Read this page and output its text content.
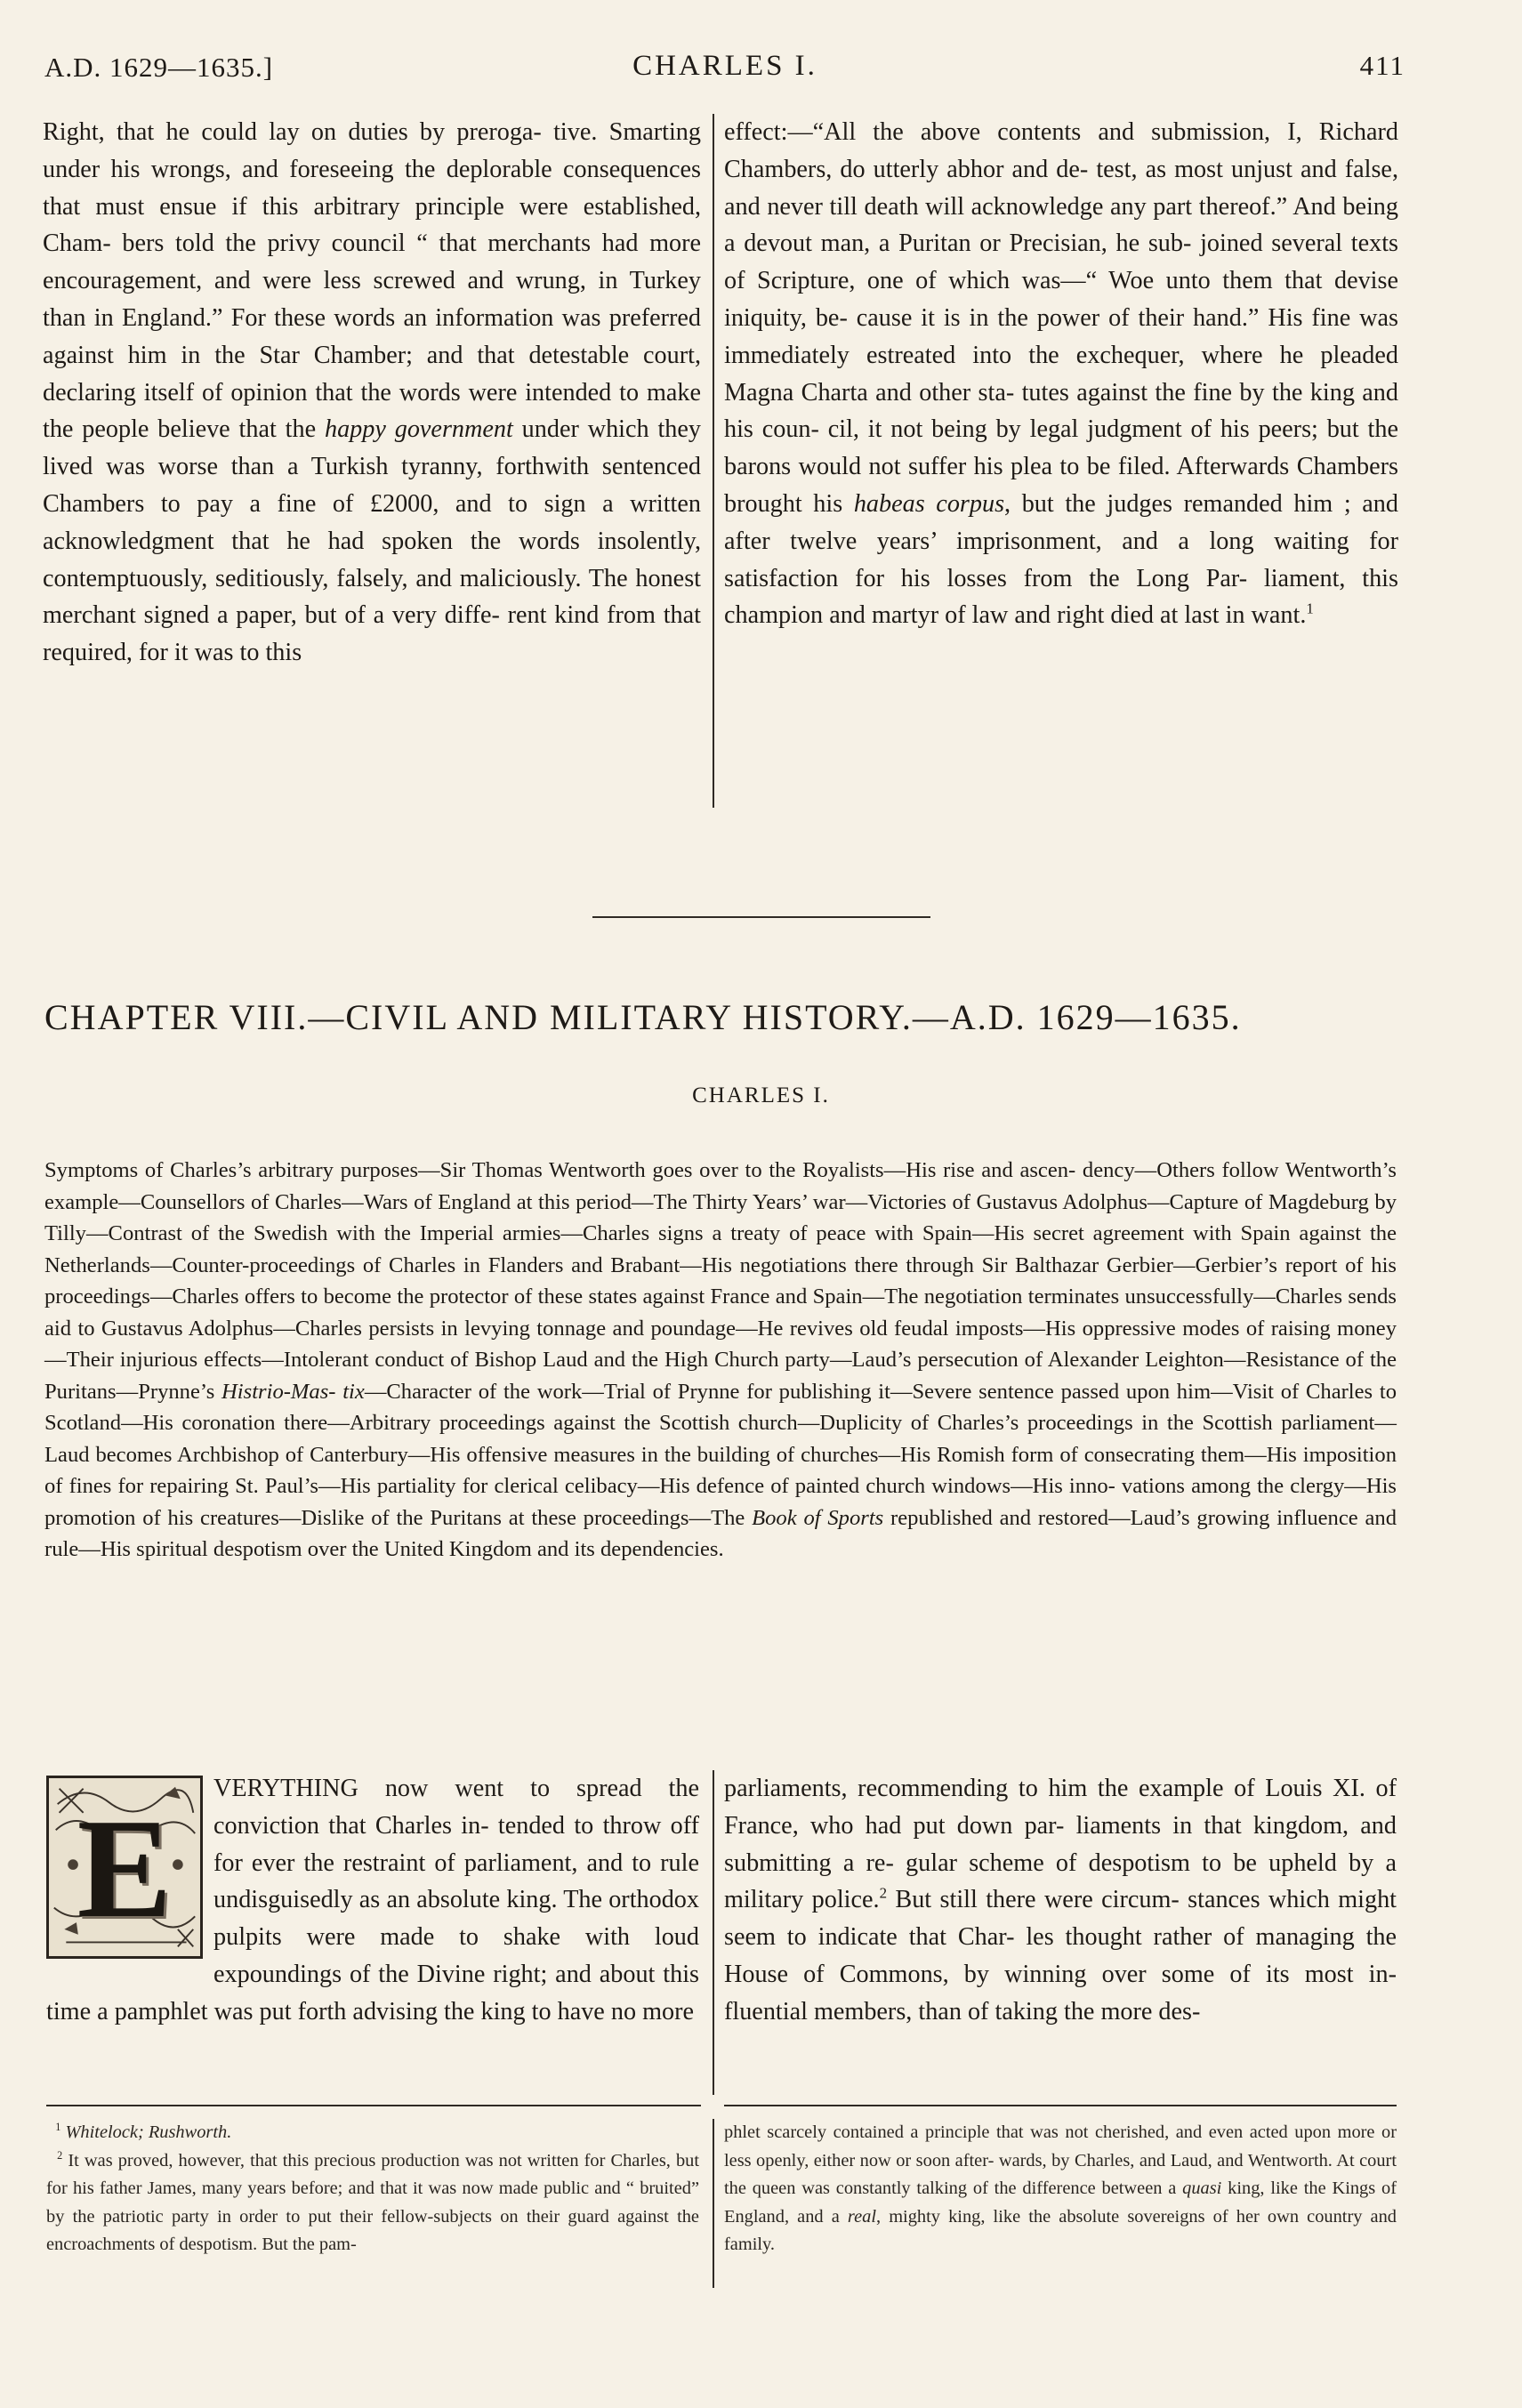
A.D. 1629—1635.]	CHARLES I.	411

Right, that he could lay on duties by preroga- tive. Smarting under his wrongs, and foreseeing the deplorable consequences that must ensue if this arbitrary principle were established, Cham- bers told the privy council “ that merchants had more encouragement, and were less screwed and wrung, in Turkey than in England.” For these words an information was preferred against him in the Star Chamber; and that detestable court, declaring itself of opinion that the words were intended to make the people believe that the happy government under which they lived was worse than a Turkish tyranny, forthwith sentenced Chambers to pay a fine of £2000, and to sign a written acknowledgment that he had spoken the words insolently, contemptuously, seditiously, falsely, and maliciously. The honest merchant signed a paper, but of a very diffe- rent kind from that required, for it was to this

effect:—“All the above contents and submission, I, Richard Chambers, do utterly abhor and de- test, as most unjust and false, and never till death will acknowledge any part thereof.” And being a devout man, a Puritan or Precisian, he sub- joined several texts of Scripture, one of which was—“ Woe unto them that devise iniquity, be- cause it is in the power of their hand.” His fine was immediately estreated into the exchequer, where he pleaded Magna Charta and other sta- tutes against the fine by the king and his coun- cil, it not being by legal judgment of his peers; but the barons would not suffer his plea to be filed. Afterwards Chambers brought his habeas corpus, but the judges remanded him ; and after twelve years’ imprisonment, and a long waiting for satisfaction for his losses from the Long Par- liament, this champion and martyr of law and right died at last in want.$^1$

CHAPTER VIII.—CIVIL AND MILITARY HISTORY.—A.D. 1629—1635.
CHARLES I.
Symptoms of Charles’s arbitrary purposes—Sir Thomas Wentworth goes over to the Royalists—His rise and ascen- dency—Others follow Wentworth’s example—Counsellors of Charles—Wars of England at this period—The Thirty Years’ war—Victories of Gustavus Adolphus—Capture of Magdeburg by Tilly—Contrast of the Swedish with the Imperial armies—Charles signs a treaty of peace with Spain—His secret agreement with Spain against the Netherlands—Counter-proceedings of Charles in Flanders and Brabant—His negotiations there through Sir Balthazar Gerbier—Gerbier’s report of his proceedings—Charles offers to become the protector of these states against France and Spain—The negotiation terminates unsuccessfully—Charles sends aid to Gustavus Adolphus—Charles persists in levying tonnage and poundage—He revives old feudal imposts—His oppressive modes of raising money—Their injurious effects—Intolerant conduct of Bishop Laud and the High Church party—Laud’s persecution of Alexander Leighton—Resistance of the Puritans—Prynne’s Histrio-Mas- tix—Character of the work—Trial of Prynne for publishing it—Severe sentence passed upon him—Visit of Charles to Scotland—His coronation there—Arbitrary proceedings against the Scottish church—Duplicity of Charles’s proceedings in the Scottish parliament—Laud becomes Archbishop of Canterbury—His offensive measures in the building of churches—His Romish form of consecrating them—His imposition of fines for repairing St. Paul’s—His partiality for clerical celibacy—His defence of painted church windows—His inno- vations among the clergy—His promotion of his creatures—Dislike of the Puritans at these proceedings—The Book of Sports republished and restored—Laud’s growing influence and rule—His spiritual despotism over the United Kingdom and its dependencies.
E

VERYTHING now went to spread the conviction that Charles in- tended to throw off for ever the restraint of parliament, and to rule undisguisedly as an absolute king. The orthodox pulpits were made to shake with loud expoundings of the Divine right; and about this time a pamphlet was put forth advising the king to have no more

parliaments, recommending to him the example of Louis XI. of France, who had put down par- liaments in that kingdom, and submitting a re- gular scheme of despotism to be upheld by a military police.$^2$ But still there were circum- stances which might seem to indicate that Char- les thought rather of managing the House of Commons, by winning over some of its most in- fluential members, than of taking the more des-

$^1$ Whitelock; Rushworth.

$^2$ It was proved, however, that this precious production was not written for Charles, but for his father James, many years before; and that it was now made public and “ bruited” by the patriotic party in order to put their fellow-subjects on their guard against the encroachments of despotism. But the pam-

phlet scarcely contained a principle that was not cherished, and even acted upon more or less openly, either now or soon after- wards, by Charles, and Laud, and Wentworth. At court the queen was constantly talking of the difference between a quasi king, like the Kings of England, and a real, mighty king, like the absolute sovereigns of her own country and family.
